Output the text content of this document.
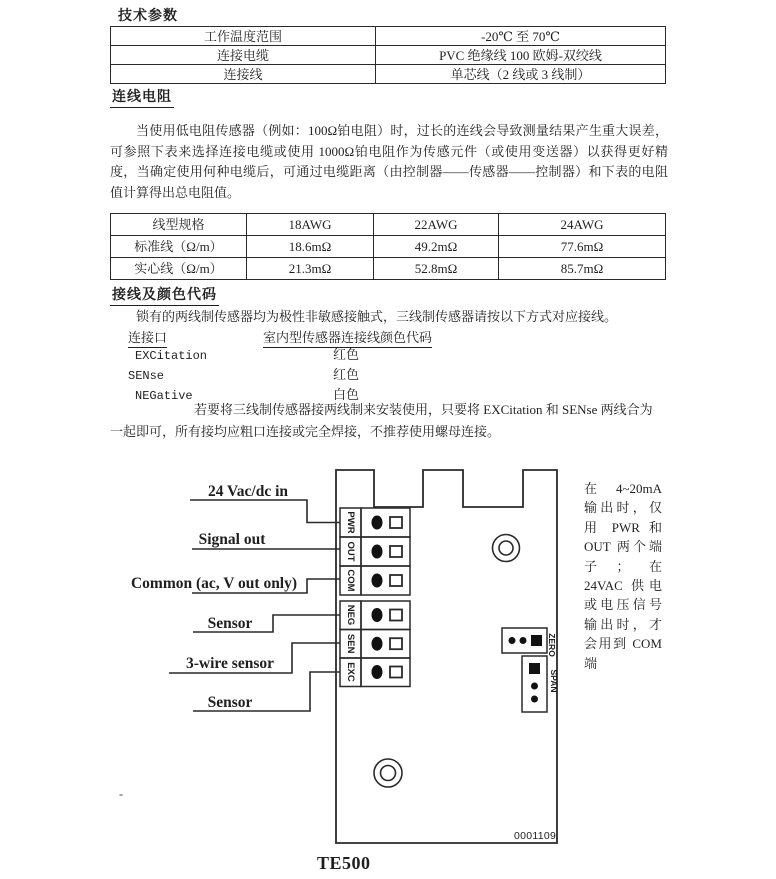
技术参数
工作温度范围	-20℃ 至 70℃
连接电缆	PVC 绝缘线 100 欧姆-双绞线
连接线	单芯线（2 线或 3 线制）
连线电阻
当使用低电阻传感器（例如：100Ω铂电阻）时，过长的连线会导致测量结果产生重大误差，可参照下表来选择连接电缆或使用 1000Ω铂电阻作为传感元件（或使用变送器）以获得更好精度，当确定使用何种电缆后，可通过电缆距离（由控制器——传感器——控制器）和下表的电阻值计算得出总电阻值。
线型规格	18AWG	22AWG	24AWG
标准线（Ω/m）	18.6mΩ	49.2mΩ	77.6mΩ
实心线（Ω/m）	21.3mΩ	52.8mΩ	85.7mΩ
接线及颜色代码
锁有的两线制传感器均为极性非敏感接触式，三线制传感器请按以下方式对应接线。
连接口	室内型传感器连接线颜色代码
EXCitation	红色
SENse	红色
NEGative	白色
若要将三线制传感器接两线制来安装使用，只要将 EXCitation 和 SENse 两线合为
一起即可，所有接均应粗口连接或完全焊接，不推荐使用螺母连接。
24 Vac/dc in
Signal out
Common (ac, V out only)
Sensor
3-wire sensor
Sensor
PWR
OUT
COM
NEG
SEN
EXC
ZERO
SPAN
0001109
在 4~20mA
输出时，仅
用 PWR 和
OUT 两个端
子；在
24VAC 供电
或电压信号
输出时，才
会用到 COM
端
-
TE500
